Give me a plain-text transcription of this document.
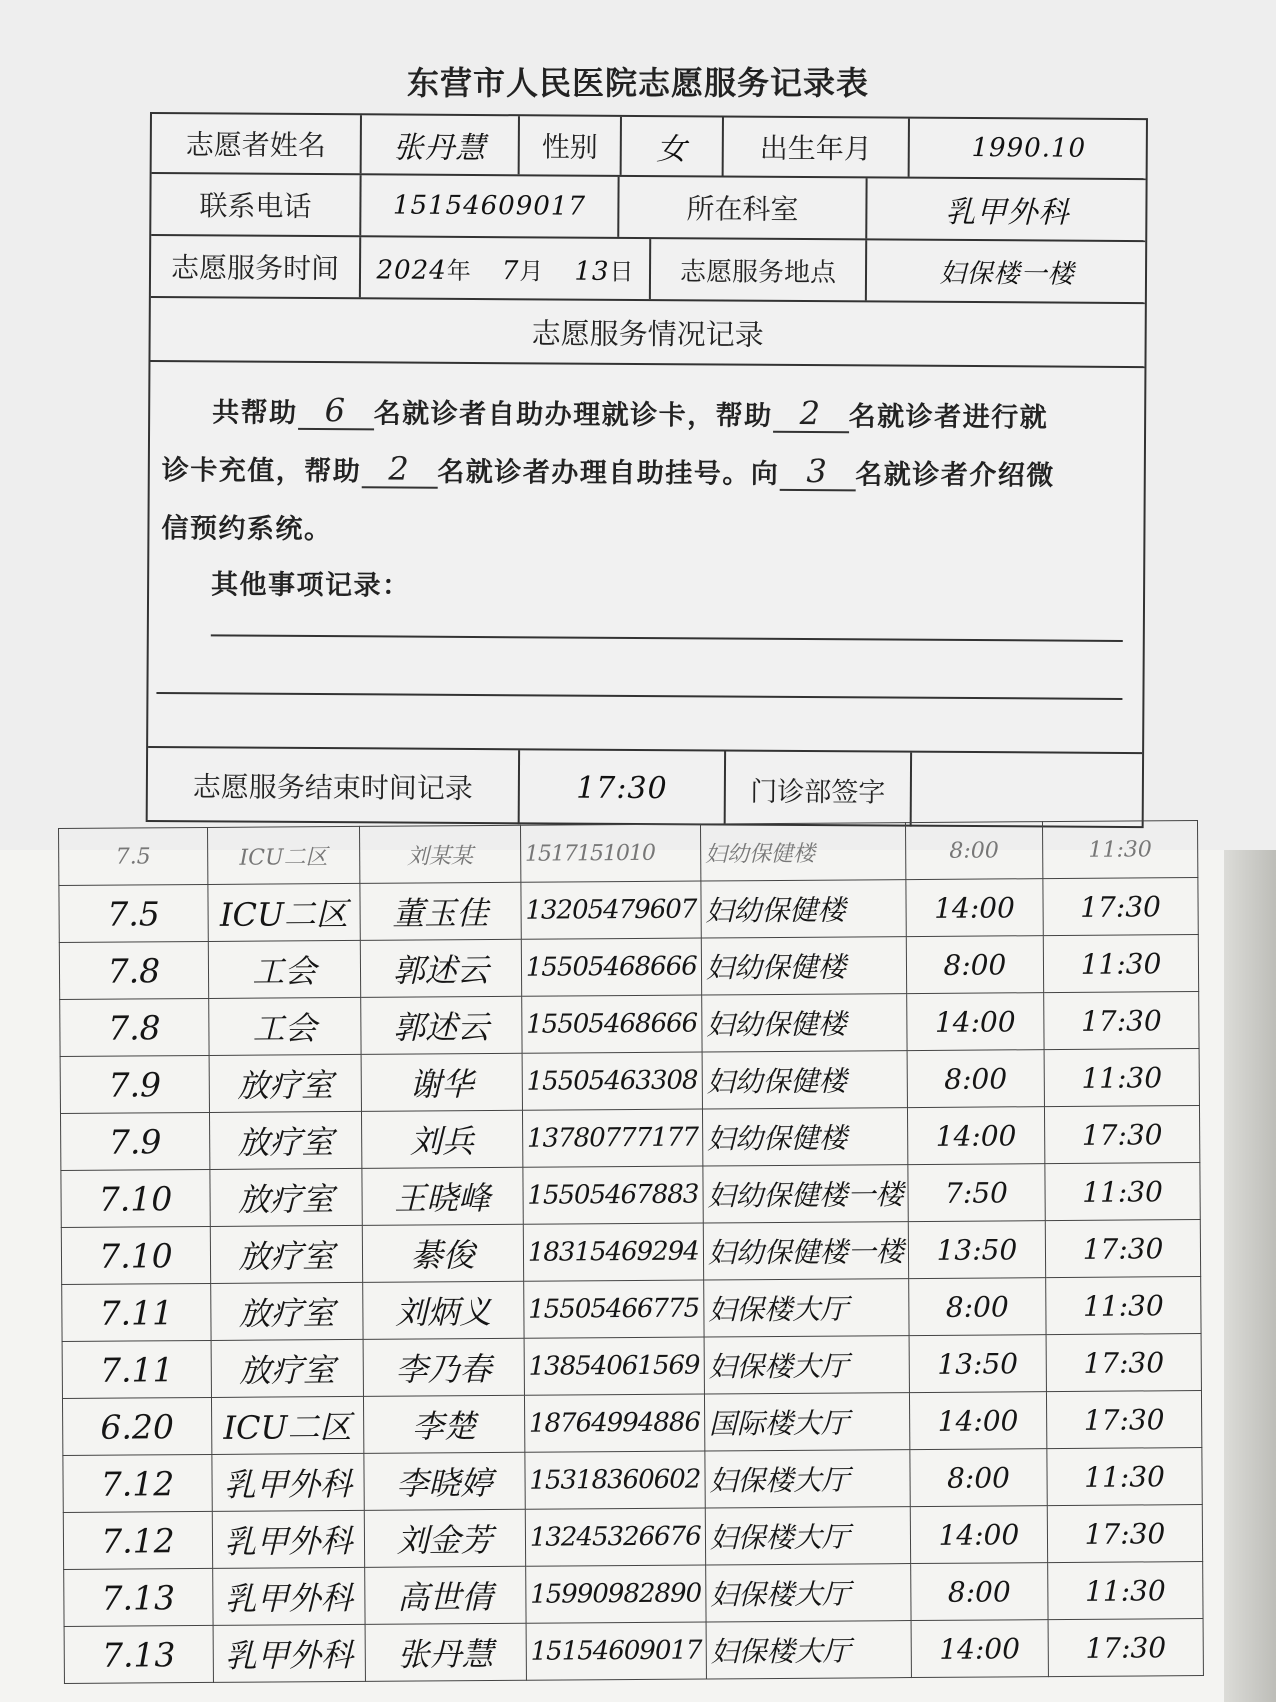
东营市人民医院志愿服务记录表
志愿者姓名	张丹慧	性别	女	出生年月	1990.10
联系电话	15154609017	所在科室	乳甲外科
志愿服务时间	2024年 7月 13日	志愿服务地点	妇保楼一楼
志愿服务情况记录
共帮助 6 名就诊者自助办理就诊卡，帮助 2 名就诊者进行就
诊卡充值，帮助 2 名就诊者办理自助挂号。向 3 名就诊者介绍微
信预约系统。
其他事项记录：
志愿服务结束时间记录	17:30	门诊部签字
7.5	ICU二区	刘某某	1517151010	妇幼保健楼	8:00	11:30
7.5	ICU二区	董玉佳	13205479607	妇幼保健楼	14:00	17:30
7.8	工会	郭述云	15505468666	妇幼保健楼	8:00	11:30
7.8	工会	郭述云	15505468666	妇幼保健楼	14:00	17:30
7.9	放疗室	谢华	15505463308	妇幼保健楼	8:00	11:30
7.9	放疗室	刘兵	13780777177	妇幼保健楼	14:00	17:30
7.10	放疗室	王晓峰	15505467883	妇幼保健楼一楼	7:50	11:30
7.10	放疗室	綦俊	18315469294	妇幼保健楼一楼	13:50	17:30
7.11	放疗室	刘炳义	15505466775	妇保楼大厅	8:00	11:30
7.11	放疗室	李乃春	13854061569	妇保楼大厅	13:50	17:30
6.20	ICU二区	李楚	18764994886	国际楼大厅	14:00	17:30
7.12	乳甲外科	李晓婷	15318360602	妇保楼大厅	8:00	11:30
7.12	乳甲外科	刘金芳	13245326676	妇保楼大厅	14:00	17:30
7.13	乳甲外科	高世倩	15990982890	妇保楼大厅	8:00	11:30
7.13	乳甲外科	张丹慧	15154609017	妇保楼大厅	14:00	17:30
